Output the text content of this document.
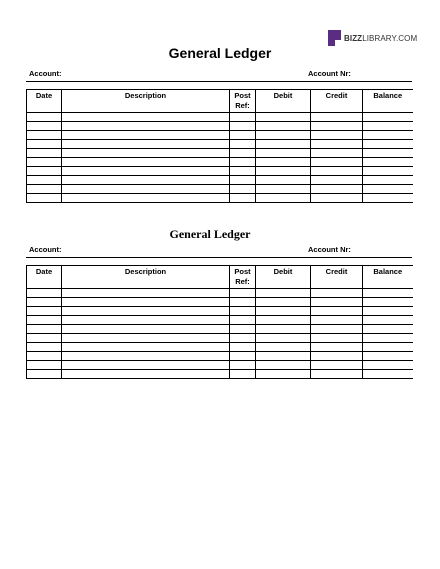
BIZZLIBRARY.COM
General Ledger
Account:	Account Nr:
Date	Description	Post Ref:	Debit	Credit	Balance

General Ledger
Account:	Account Nr:
Date	Description	Post Ref:	Debit	Credit	Balance
